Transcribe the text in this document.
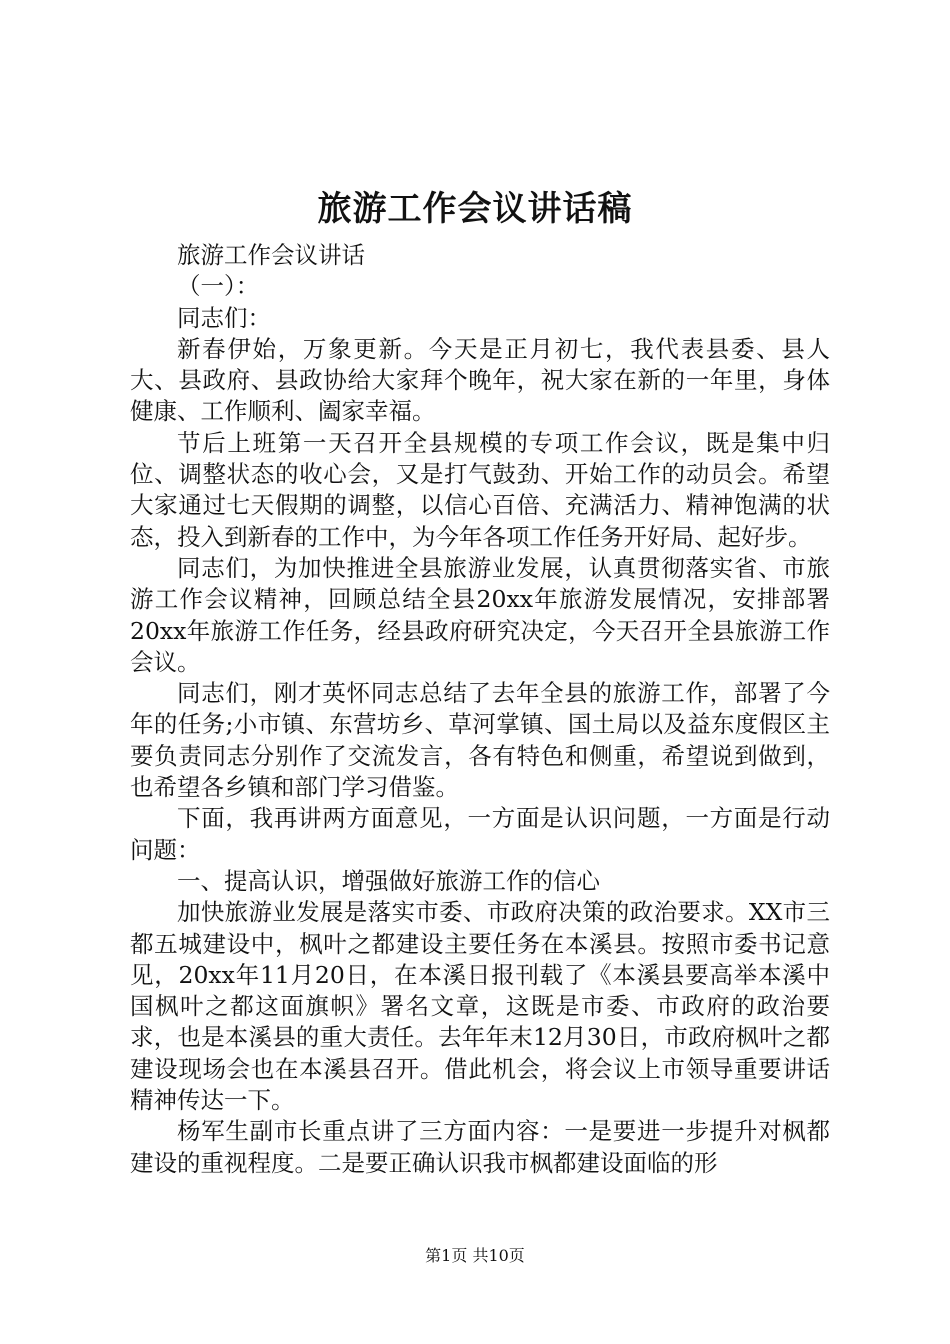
旅游工作会议讲话稿

旅游工作会议讲话

（一）：

同志们：

新春伊始，万象更新。今天是正月初七，我代表县委、县人大、县政府、县政协给大家拜个晚年，祝大家在新的一年里，身体健康、工作顺利、阖家幸福。

节后上班第一天召开全县规模的专项工作会议，既是集中归位、调整状态的收心会，又是打气鼓劲、开始工作的动员会。希望大家通过七天假期的调整，以信心百倍、充满活力、精神饱满的状态，投入到新春的工作中，为今年各项工作任务开好局、起好步。

同志们，为加快推进全县旅游业发展，认真贯彻落实省、市旅游工作会议精神，回顾总结全县20xx年旅游发展情况，安排部署20xx年旅游工作任务，经县政府研究决定，今天召开全县旅游工作会议。

同志们，刚才英怀同志总结了去年全县的旅游工作，部署了今年的任务;小市镇、东营坊乡、草河掌镇、国土局以及益东度假区主要负责同志分别作了交流发言，各有特色和侧重，希望说到做到，也希望各乡镇和部门学习借鉴。

下面，我再讲两方面意见，一方面是认识问题，一方面是行动问题：

一、提高认识，增强做好旅游工作的信心

加快旅游业发展是落实市委、市政府决策的政治要求。XX市三都五城建设中，枫叶之都建设主要任务在本溪县。按照市委书记意见，20xx年11月20日，在本溪日报刊载了《本溪县要高举本溪中国枫叶之都这面旗帜》署名文章，这既是市委、市政府的政治要求，也是本溪县的重大责任。去年年末12月30日，市政府枫叶之都建设现场会也在本溪县召开。借此机会，将会议上市领导重要讲话精神传达一下。

杨军生副市长重点讲了三方面内容：一是要进一步提升对枫都建设的重视程度。二是要正确认识我市枫都建设面临的形

第1页 共10页
